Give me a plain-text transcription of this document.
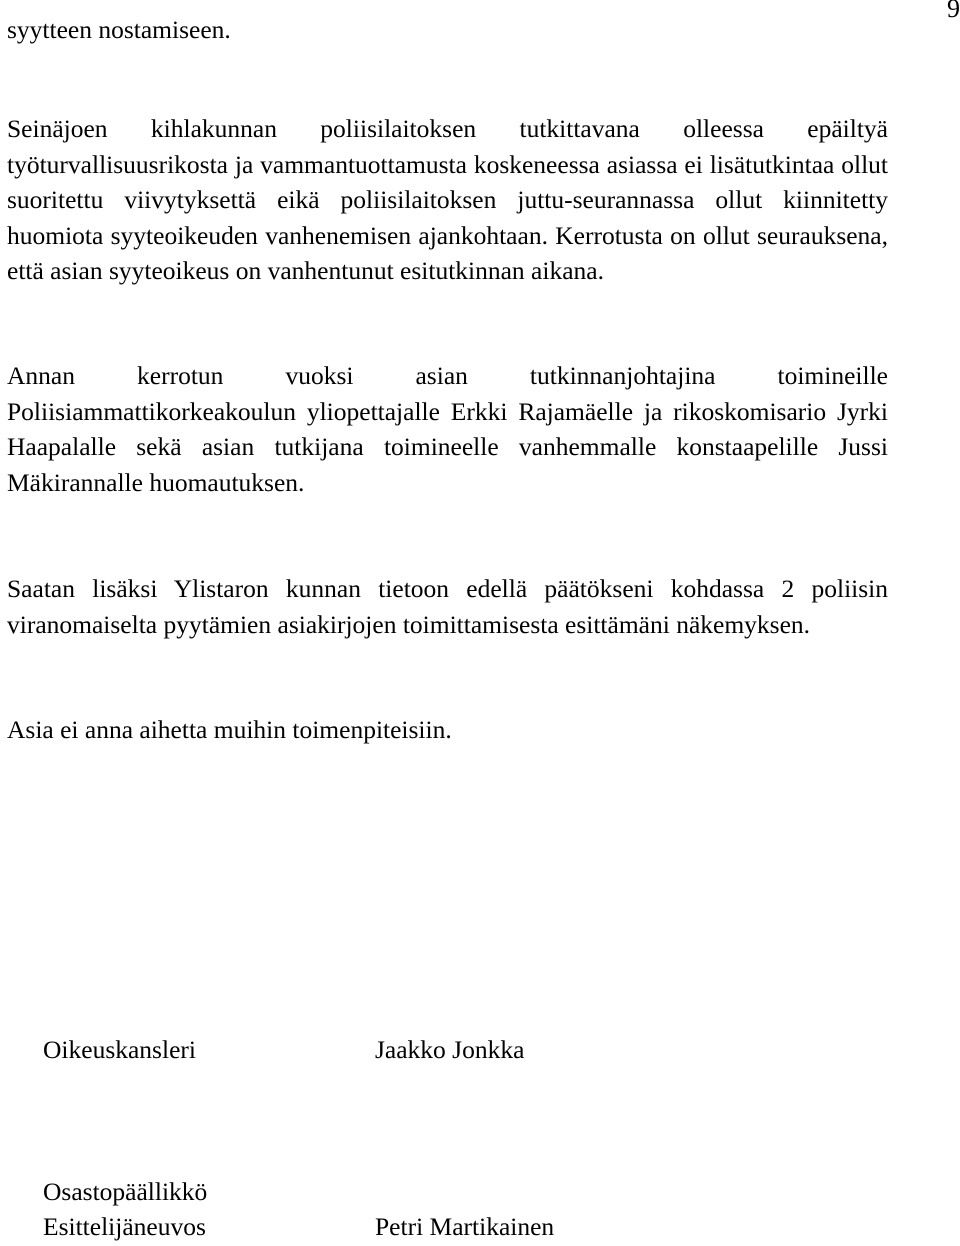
9

syytteen nostamiseen.

Seinäjoen kihlakunnan poliisilaitoksen tutkittavana olleessa epäiltyä työturvallisuusrikosta ja vammantuottamusta koskeneessa asiassa ei lisätutkintaa ollut suoritettu viivytyksettä eikä poliisilaitoksen juttu-seurannassa ollut kiinnitetty huomiota syyteoikeuden vanhenemisen ajankohtaan. Kerrotusta on ollut seurauksena, että asian syyteoikeus on vanhentunut esitutkinnan aikana.

Annan kerrotun vuoksi asian tutkinnanjohtajina toimineille Poliisiammattikorkeakoulun yliopettajalle Erkki Rajamäelle ja rikoskomisario Jyrki Haapalalle sekä asian tutkijana toimineelle vanhemmalle konstaapelille Jussi Mäkirannalle huomautuksen.

Saatan lisäksi Ylistaron kunnan tietoon edellä päätökseni kohdassa 2 poliisin viranomaiselta pyytämien asiakirjojen toimittamisesta esittämäni näkemyksen.

Asia ei anna aihetta muihin toimenpiteisiin.

Oikeuskansleri	Jaakko Jonkka
Osastopäällikkö
Esittelijäneuvos	Petri Martikainen
